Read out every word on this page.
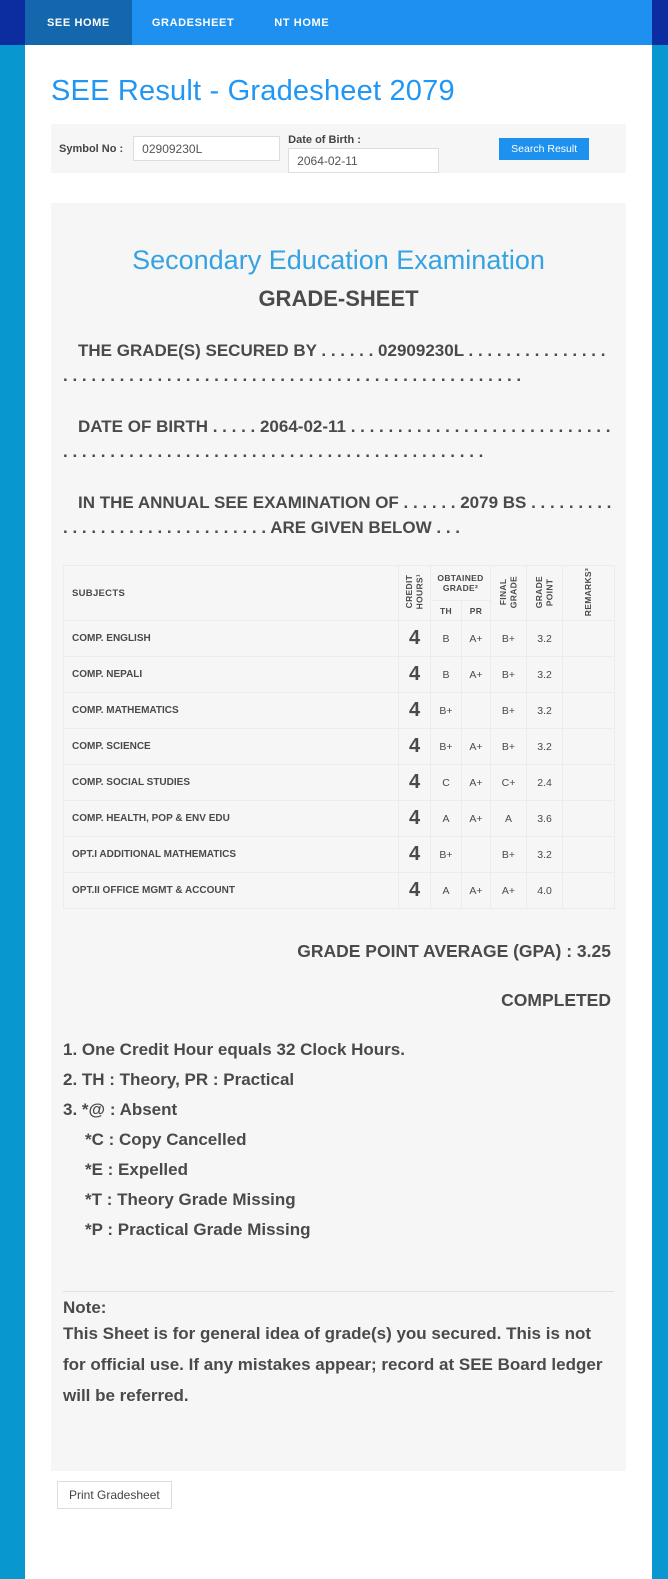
SEE HOME	GRADESHEET	NT HOME
SEE Result - Gradesheet 2079
Symbol No :
02909230L
Date of Birth :
2064-02-11
Search Result
Secondary Education Examination
GRADE-SHEET

THE GRADE(S) SECURED BY . . . . . . 02909230L . . . . . . . . . . . . . . . . . . . . . . . . . . . . . . . . . . . . . . . . . . . . . . . . . . . . . . . . . . . . . . . .

DATE OF BIRTH . . . . . 2064-02-11 . . . . . . . . . . . . . . . . . . . . . . . . . . . . . . . . . . . . . . . . . . . . . . . . . . . . . . . . . . . . . . . . . . . . . . . . .

IN THE ANNUAL SEE EXAMINATION OF . . . . . . 2079 BS . . . . . . . . . . . . . . . . . . . . . . . . . . . . . . . ARE GIVEN BELOW . . .

SUBJECTS	CREDIT HOURS¹	OBTAINED GRADE²	FINAL GRADE	GRADE POINT	REMARKS³

		TH	PR			
COMP. ENGLISH	4	B	A+	B+	3.2	
COMP. NEPALI	4	B	A+	B+	3.2	
COMP. MATHEMATICS	4	B+		B+	3.2	
COMP. SCIENCE	4	B+	A+	B+	3.2	
COMP. SOCIAL STUDIES	4	C	A+	C+	2.4	
COMP. HEALTH, POP & ENV EDU	4	A	A+	A	3.6	
OPT.I ADDITIONAL MATHEMATICS	4	B+		B+	3.2	
OPT.II OFFICE MGMT & ACCOUNT	4	A	A+	A+	4.0	
GRADE POINT AVERAGE (GPA) : 3.25
COMPLETED
1. One Credit Hour equals 32 Clock Hours.
2. TH : Theory, PR : Practical
3. *@ : Absent
*C : Copy Cancelled
*E : Expelled
*T : Theory Grade Missing
*P : Practical Grade Missing
Note:

This Sheet is for general idea of grade(s) you secured. This is not for official use. If any mistakes appear; record at SEE Board ledger will be referred.

Print Gradesheet
